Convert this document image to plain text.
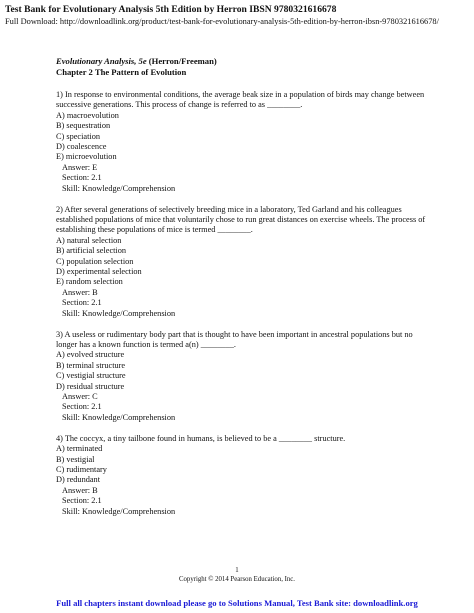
Test Bank for Evolutionary Analysis 5th Edition by Herron IBSN 9780321616678
Full Download: http://downloadlink.org/product/test-bank-for-evolutionary-analysis-5th-edition-by-herron-ibsn-9780321616678/
Evolutionary Analysis, 5e (Herron/Freeman)
Chapter 2 The Pattern of Evolution
1) In response to environmental conditions, the average beak size in a population of birds may change between successive generations. This process of change is referred to as ________.
A) macroevolution
B) sequestration
C) speciation
D) coalescence
E) microevolution
Answer: E
Section: 2.1
Skill: Knowledge/Comprehension
2) After several generations of selectively breeding mice in a laboratory, Ted Garland and his colleagues established populations of mice that voluntarily chose to run great distances on exercise wheels. The process of establishing these populations of mice is termed ________.
A) natural selection
B) artificial selection
C) population selection
D) experimental selection
E) random selection
Answer: B
Section: 2.1
Skill: Knowledge/Comprehension
3) A useless or rudimentary body part that is thought to have been important in ancestral populations but no longer has a known function is termed a(n) ________.
A) evolved structure
B) terminal structure
C) vestigial structure
D) residual structure
Answer: C
Section: 2.1
Skill: Knowledge/Comprehension
4) The coccyx, a tiny tailbone found in humans, is believed to be a ________ structure.
A) terminated
B) vestigial
C) rudimentary
D) redundant
Answer: B
Section: 2.1
Skill: Knowledge/Comprehension
1
Copyright © 2014 Pearson Education, Inc.
Full all chapters instant download please go to Solutions Manual, Test Bank site: downloadlink.org
